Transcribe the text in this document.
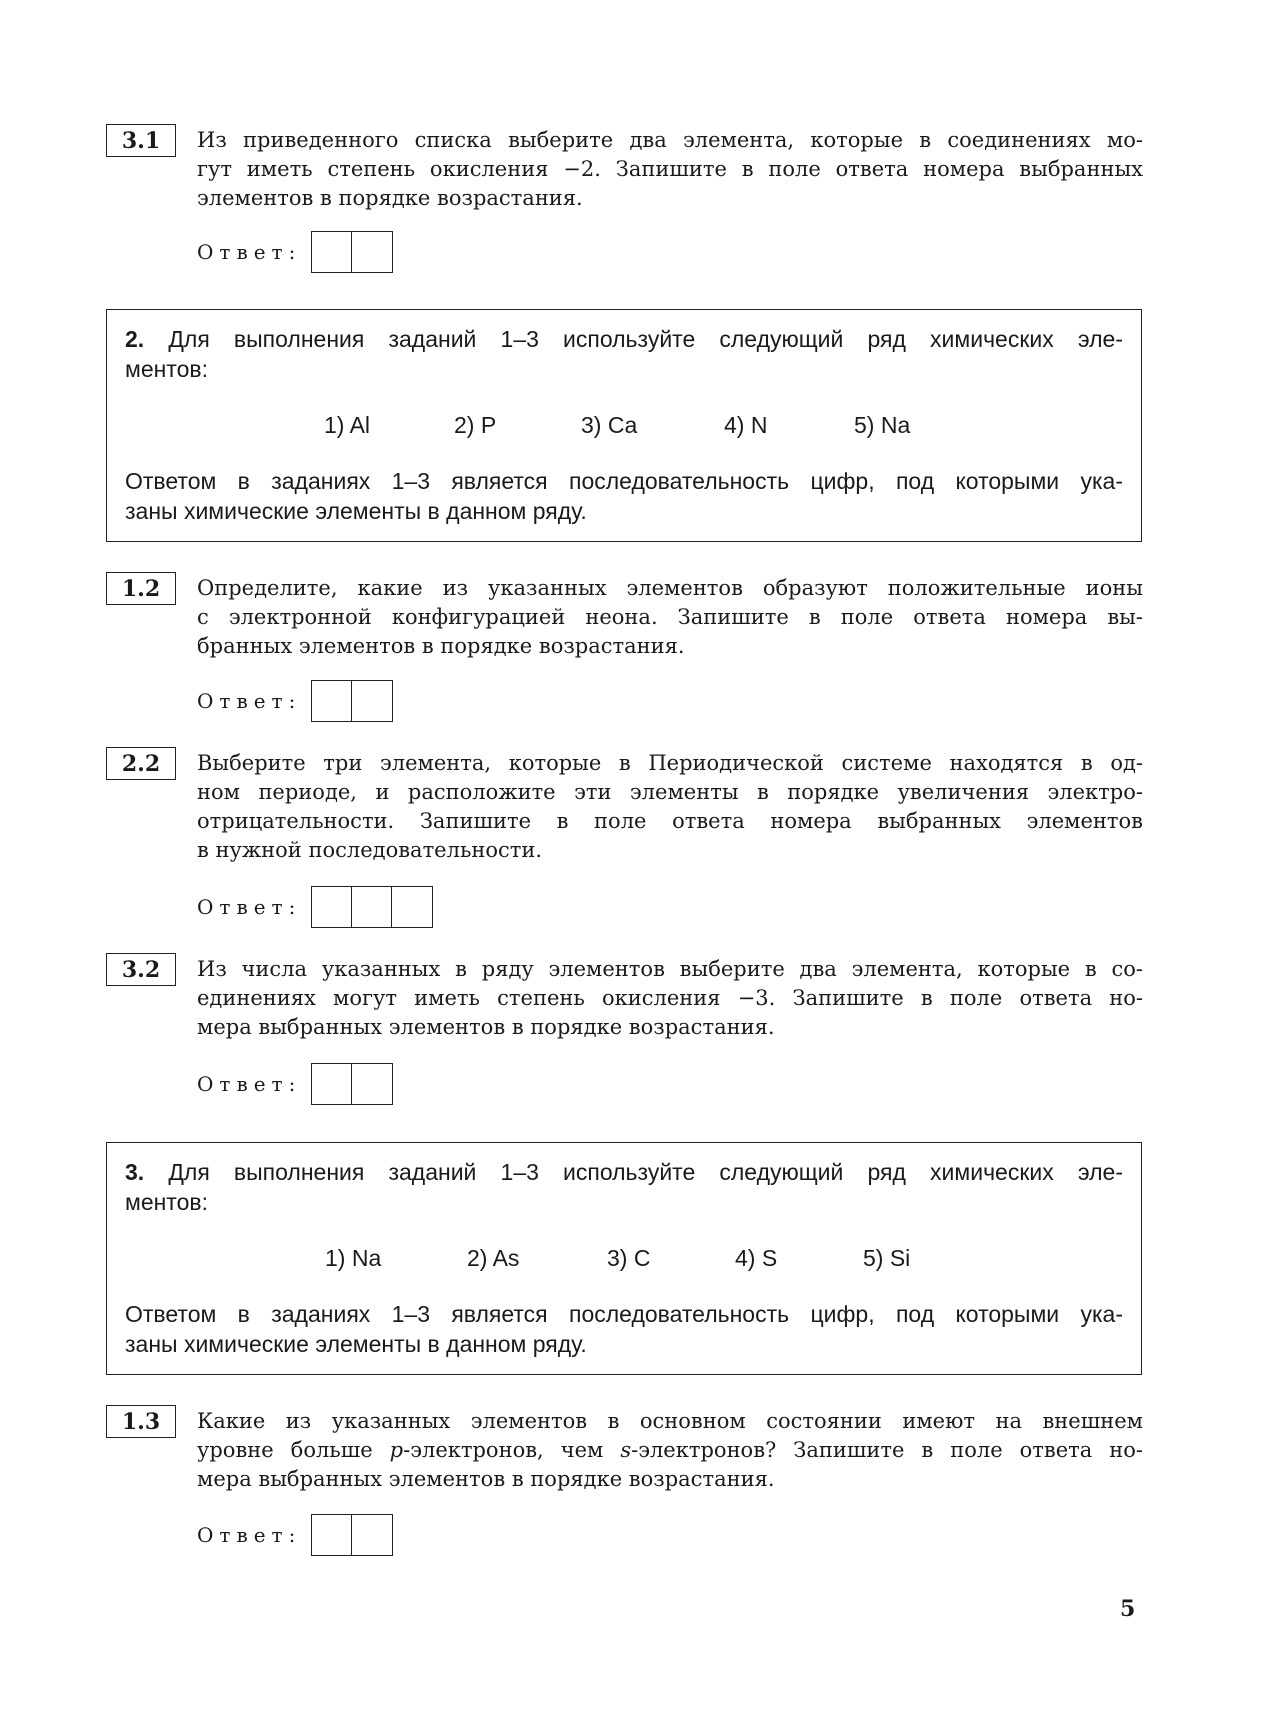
3.1	Из приведенного списка выберите два элемента, которые в соединениях мо-
гут иметь степень окисления −2. Запишите в поле ответа номера выбранных
элементов в порядке возрастания.
Ответ:
2. Для выполнения заданий 1–3 используйте следующий ряд химических эле-
ментов:
1) Al	2) P	3) Ca	4) N	5) Na
Ответом в заданиях 1–3 является последовательность цифр, под которыми ука-
заны химические элементы в данном ряду.
1.2	Определите, какие из указанных элементов образуют положительные ионы
с электронной конфигурацией неона. Запишите в поле ответа номера вы-
бранных элементов в порядке возрастания.
Ответ:
2.2	Выберите три элемента, которые в Периодической системе находятся в од-
ном периоде, и расположите эти элементы в порядке увеличения электро-
отрицательности. Запишите в поле ответа номера выбранных элементов
в нужной последовательности.
Ответ:
3.2	Из числа указанных в ряду элементов выберите два элемента, которые в со-
единениях могут иметь степень окисления −3. Запишите в поле ответа но-
мера выбранных элементов в порядке возрастания.
Ответ:
3. Для выполнения заданий 1–3 используйте следующий ряд химических эле-
ментов:
1) Na	2) As	3) C	4) S	5) Si
Ответом в заданиях 1–3 является последовательность цифр, под которыми ука-
заны химические элементы в данном ряду.
1.3	Какие из указанных элементов в основном состоянии имеют на внешнем
уровне больше p-электронов, чем s-электронов? Запишите в поле ответа но-
мера выбранных элементов в порядке возрастания.
Ответ:
5
